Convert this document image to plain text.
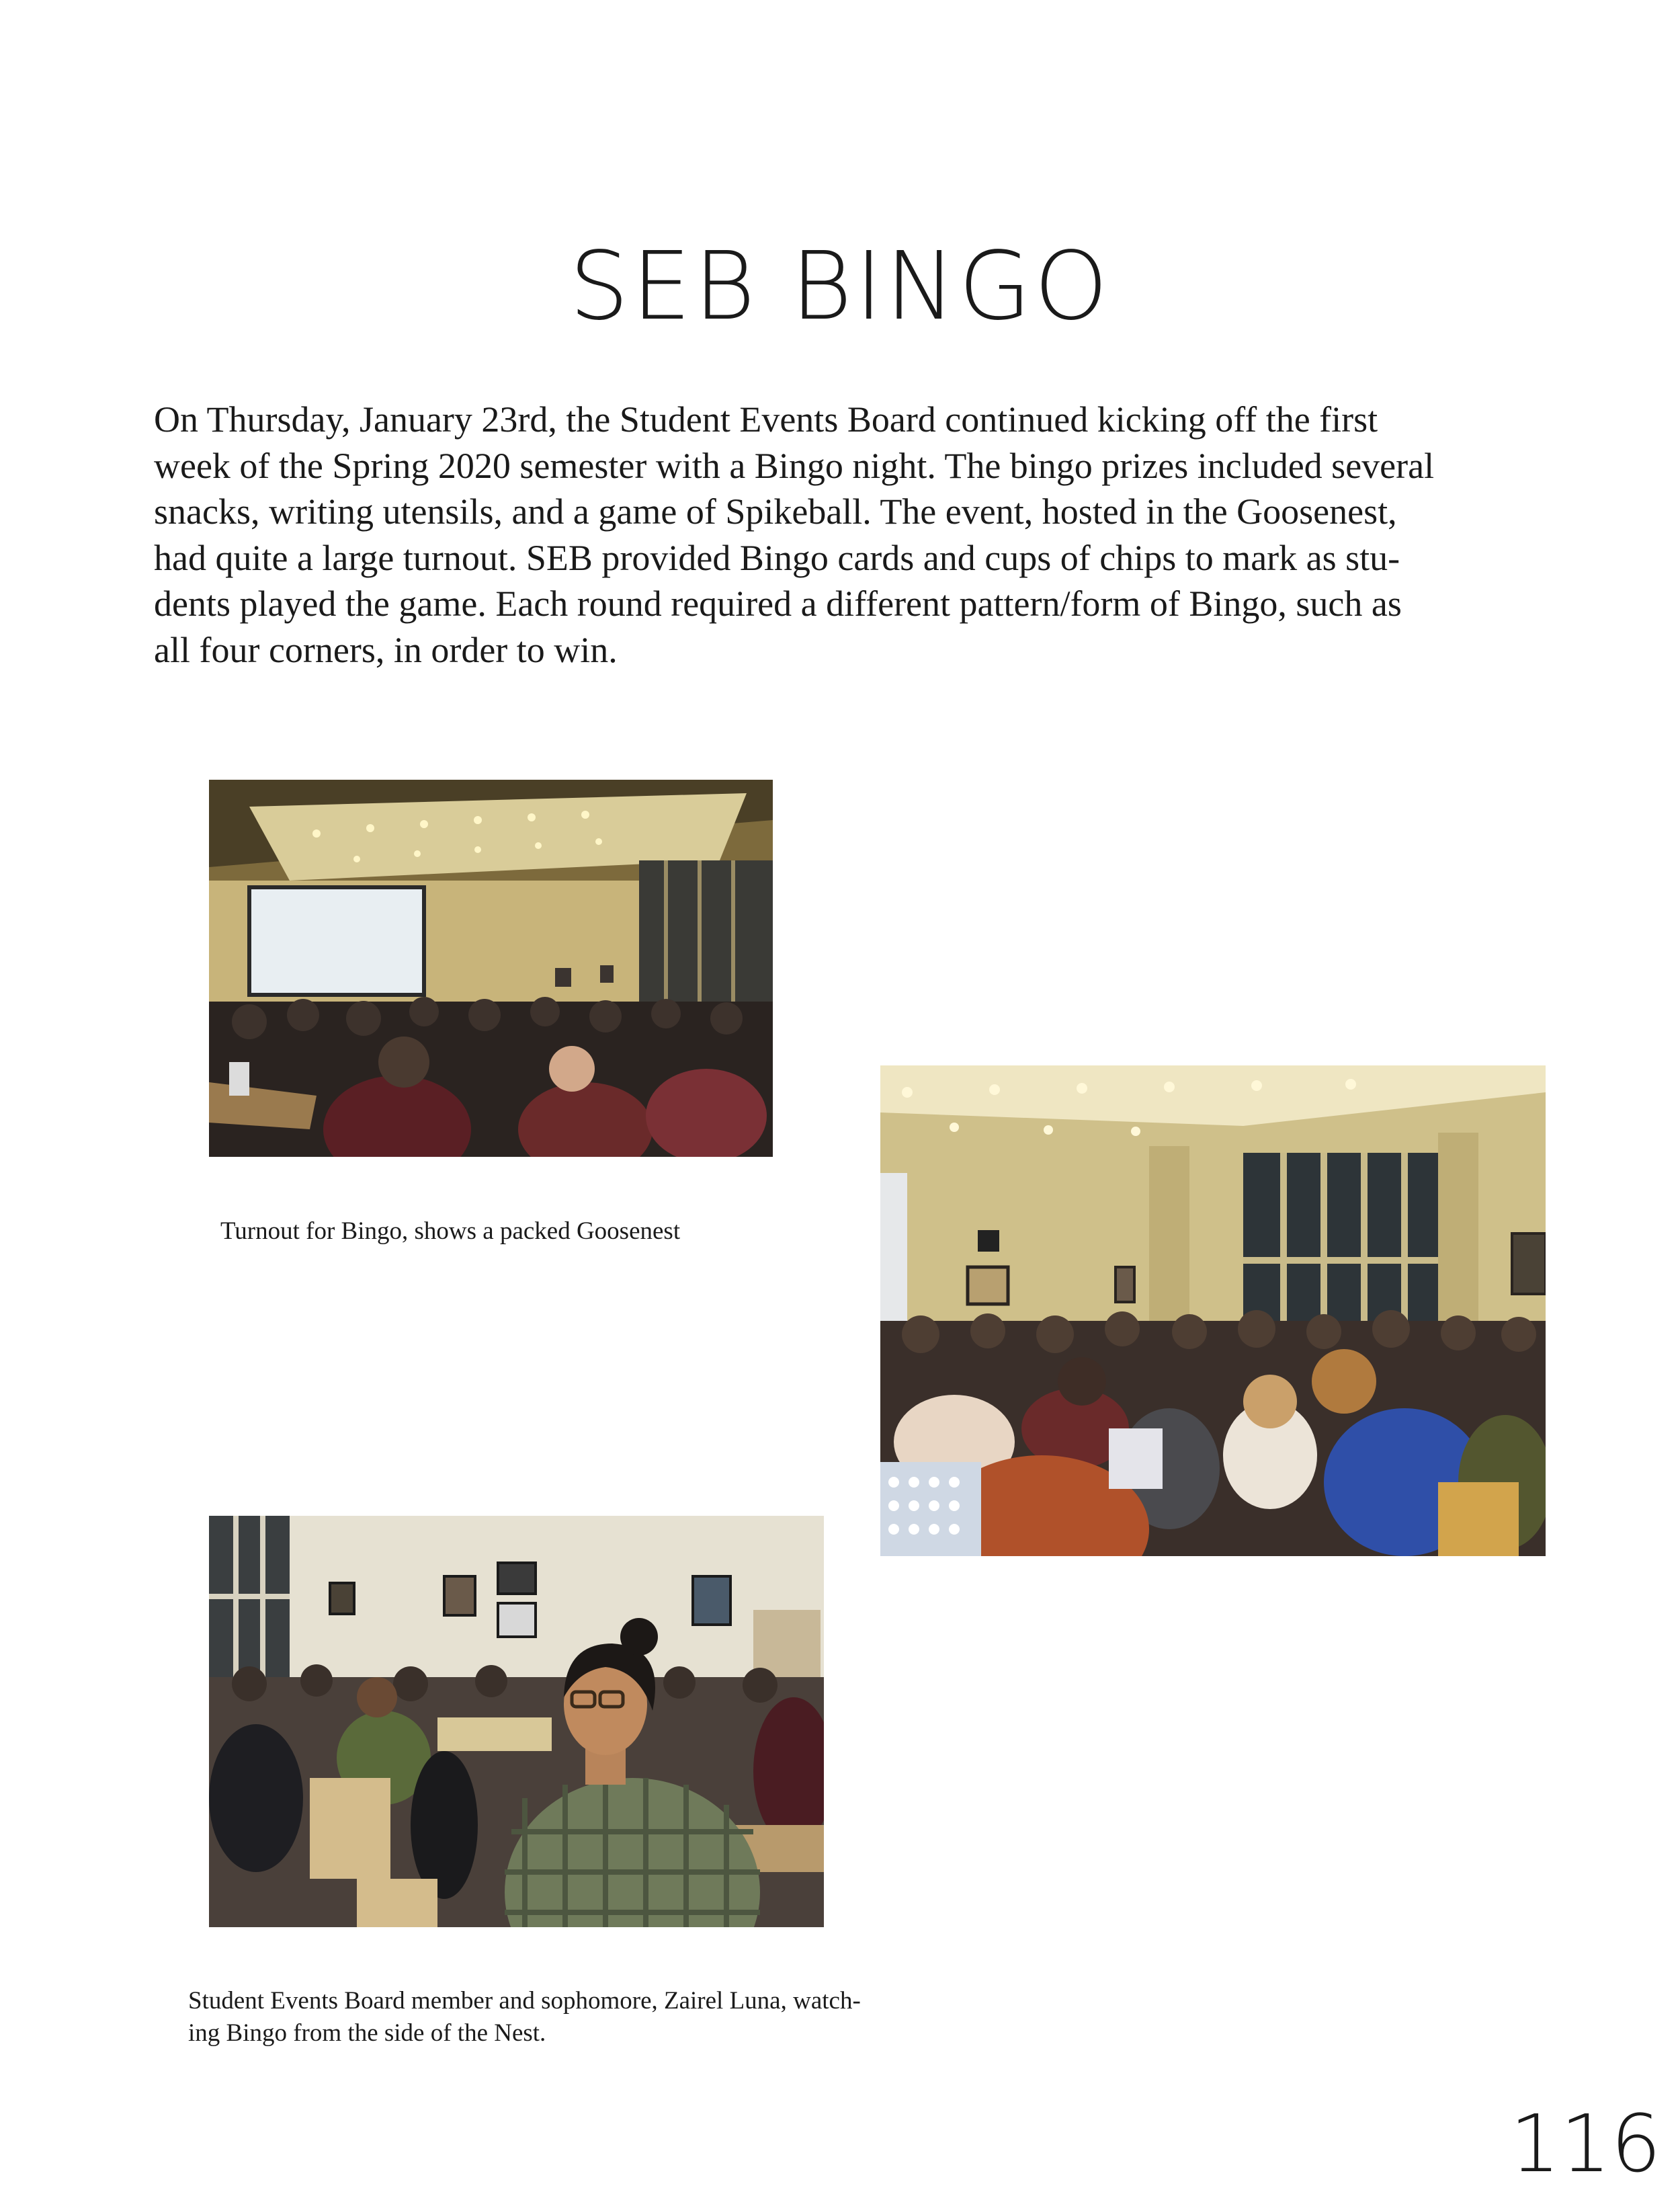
SEB BINGO
On Thursday, January 23rd, the Student Events Board continued kicking off the first
week of the Spring 2020 semester with a Bingo night. The bingo prizes included several
snacks, writing utensils, and a game of Spikeball. The event, hosted in the Goosenest,
had quite a large turnout. SEB provided Bingo cards and cups of chips to mark as stu-
dents played the game. Each round required a different pattern/form of Bingo, such as
all four corners, in order to win.
Turnout for Bingo, shows a packed Goosenest
Student Events Board member and sophomore, Zairel Luna, watch-
ing Bingo from the side of the Nest.
116
